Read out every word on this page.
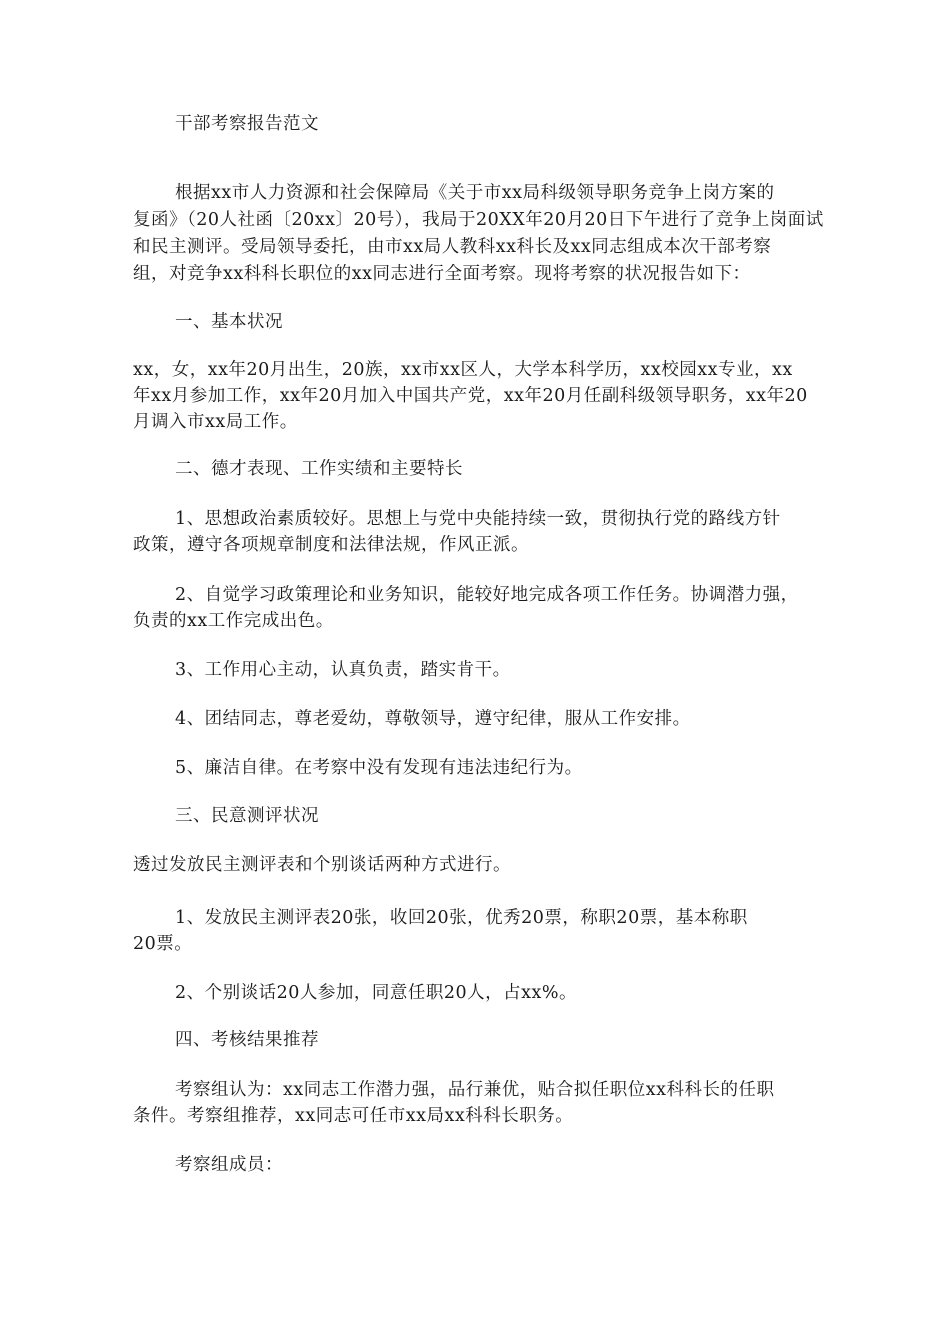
干部考察报告范文
根据xx市人力资源和社会保障局《关于市xx局科级领导职务竞争上岗方案的
复函》（20人社函〔20xx〕20号），我局于20XX年20月20日下午进行了竞争上岗面试
和民主测评。受局领导委托，由市xx局人教科xx科长及xx同志组成本次干部考察
组，对竞争xx科科长职位的xx同志进行全面考察。现将考察的状况报告如下：
一、基本状况
xx，女，xx年20月出生，20族，xx市xx区人，大学本科学历，xx校园xx专业，xx
年xx月参加工作，xx年20月加入中国共产党，xx年20月任副科级领导职务，xx年20
月调入市xx局工作。
二、德才表现、工作实绩和主要特长
1、思想政治素质较好。思想上与党中央能持续一致，贯彻执行党的路线方针
政策，遵守各项规章制度和法律法规，作风正派。
2、自觉学习政策理论和业务知识，能较好地完成各项工作任务。协调潜力强，
负责的xx工作完成出色。
3、工作用心主动，认真负责，踏实肯干。
4、团结同志，尊老爱幼，尊敬领导，遵守纪律，服从工作安排。
5、廉洁自律。在考察中没有发现有违法违纪行为。
三、民意测评状况
透过发放民主测评表和个别谈话两种方式进行。
1、发放民主测评表20张，收回20张，优秀20票，称职20票，基本称职
20票。
2、个别谈话20人参加，同意任职20人，占xx%。
四、考核结果推荐
考察组认为：xx同志工作潜力强，品行兼优，贴合拟任职位xx科科长的任职
条件。考察组推荐，xx同志可任市xx局xx科科长职务。
考察组成员：
